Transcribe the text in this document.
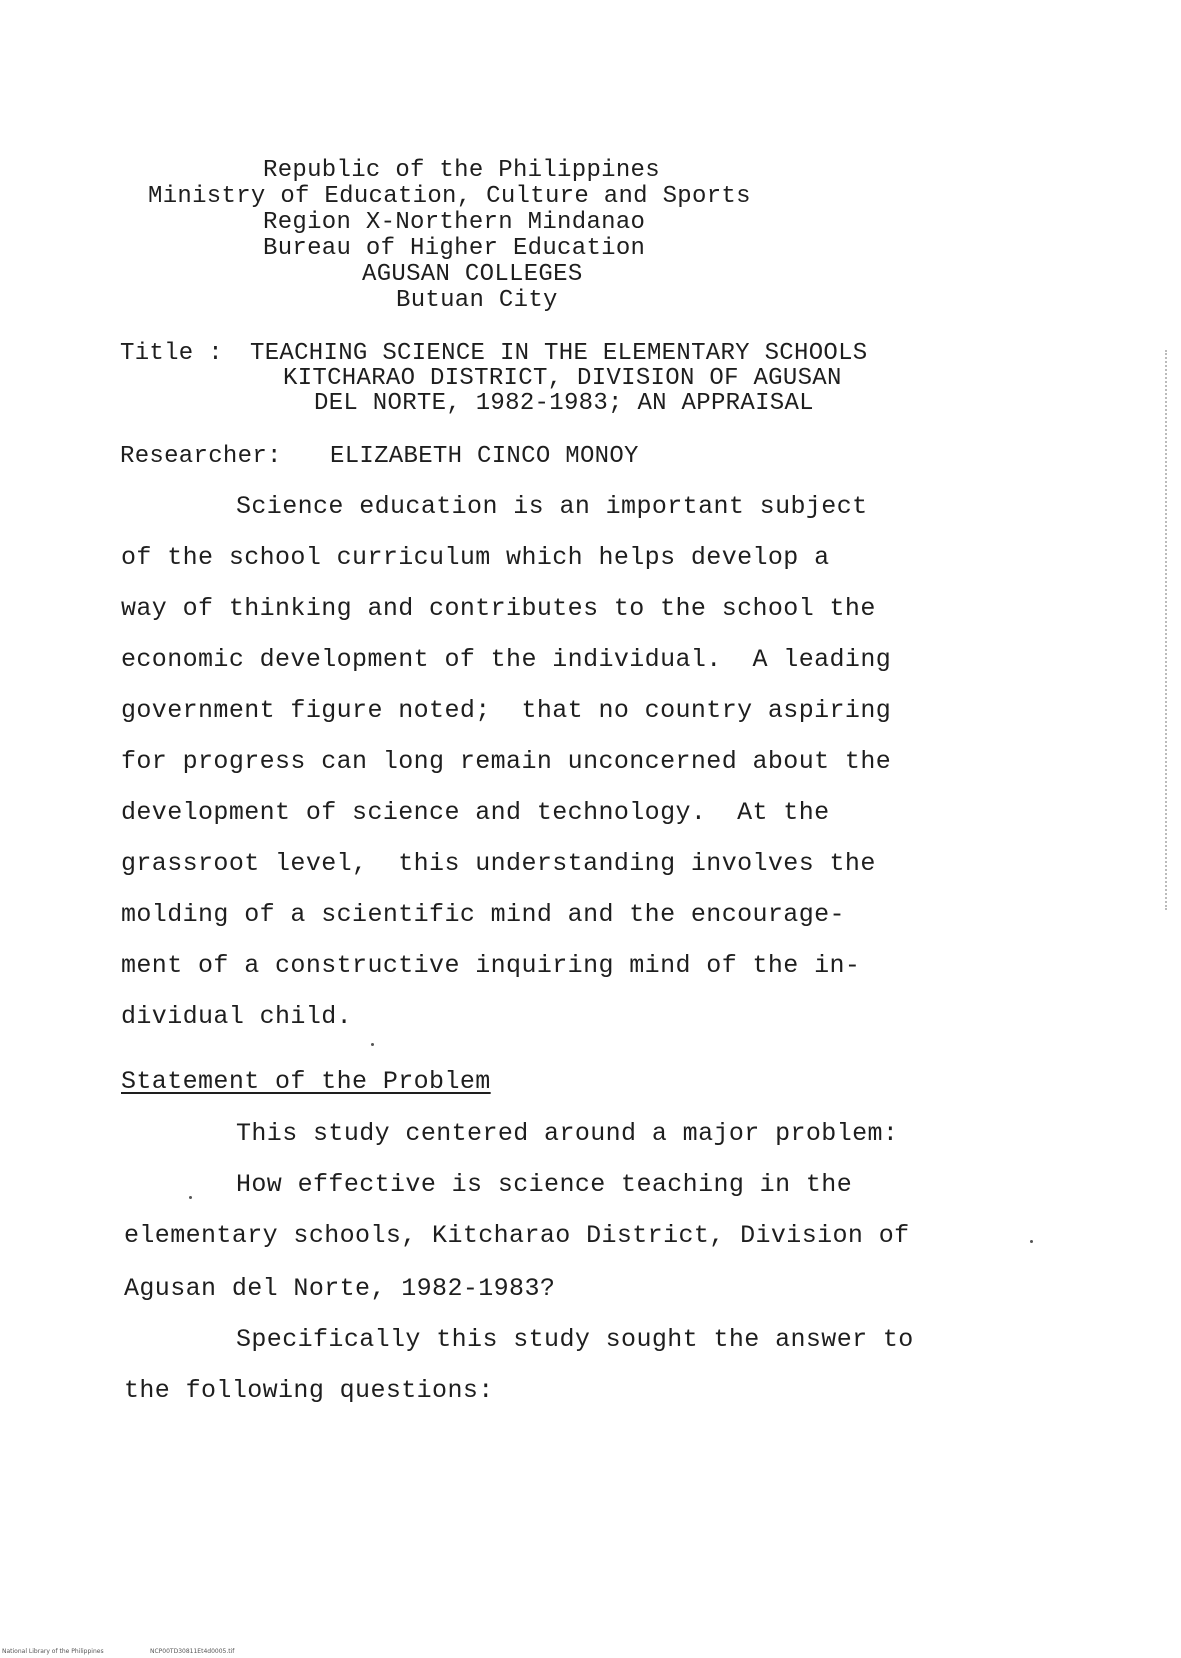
Republic of the Philippines
Ministry of Education, Culture and Sports
Region X-Northern Mindanao
Bureau of Higher Education
AGUSAN COLLEGES
Butuan City
Title : TEACHING SCIENCE IN THE ELEMENTARY SCHOOLS
KITCHARAO DISTRICT, DIVISION OF AGUSAN
DEL NORTE, 1982-1983; AN APPRAISAL
Researcher: ELIZABETH CINCO MONOY
Science education is an important subject
of the school curriculum which helps develop a
way of thinking and contributes to the school the
economic development of the individual.  A leading
government figure noted;  that no country aspiring
for progress can long remain unconcerned about the
development of science and technology.  At the
grassroot level,  this understanding involves the
molding of a scientific mind and the encourage-
ment of a constructive inquiring mind of the in-
dividual child.
Statement of the Problem
This study centered around a major problem:
How effective is science teaching in the
elementary schools, Kitcharao District, Division of
Agusan del Norte, 1982-1983?
Specifically this study sought the answer to
the following questions:
National Library of the Philippines	NCP00TD30811Et4d0005.tif
